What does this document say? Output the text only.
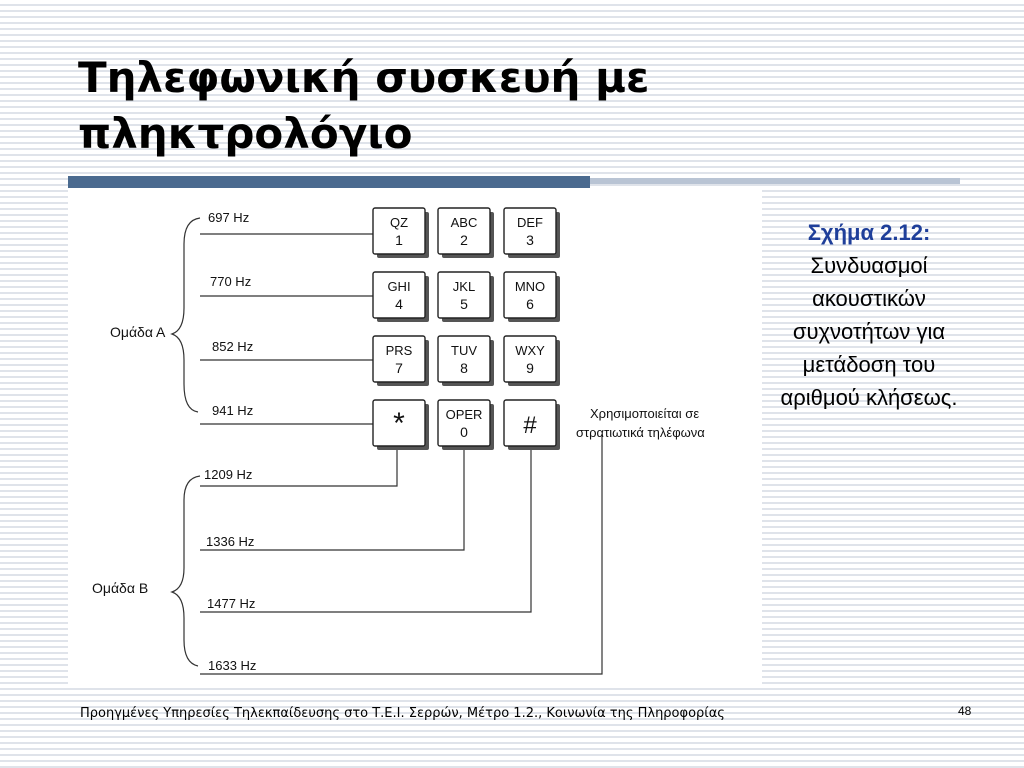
Τηλεφωνική συσκευή με πληκτρολόγιο
Ομάδα Α
Ομάδα Β
697 Hz
770 Hz
852 Hz
941 Hz
1209 Hz
1336 Hz
1477 Hz
1633 Hz
Χρησιμοποιείται σε
στρατιωτικά τηλέφωνα
QZ
1
ABC
2
DEF
3
GHI
4
JKL
5
MNO
6
PRS
7
TUV
8
WXY
9
*	OPER
0 #
Σχήμα 2.12:
Συνδυασμοί ακουστικών συχνοτήτων για μετάδοση του αριθμού κλήσεως.
Προηγμένες Υπηρεσίες Τηλεκπαίδευσης στο Τ.Ε.Ι. Σερρών, Μέτρο 1.2., Κοινωνία της Πληροφορίας	48
